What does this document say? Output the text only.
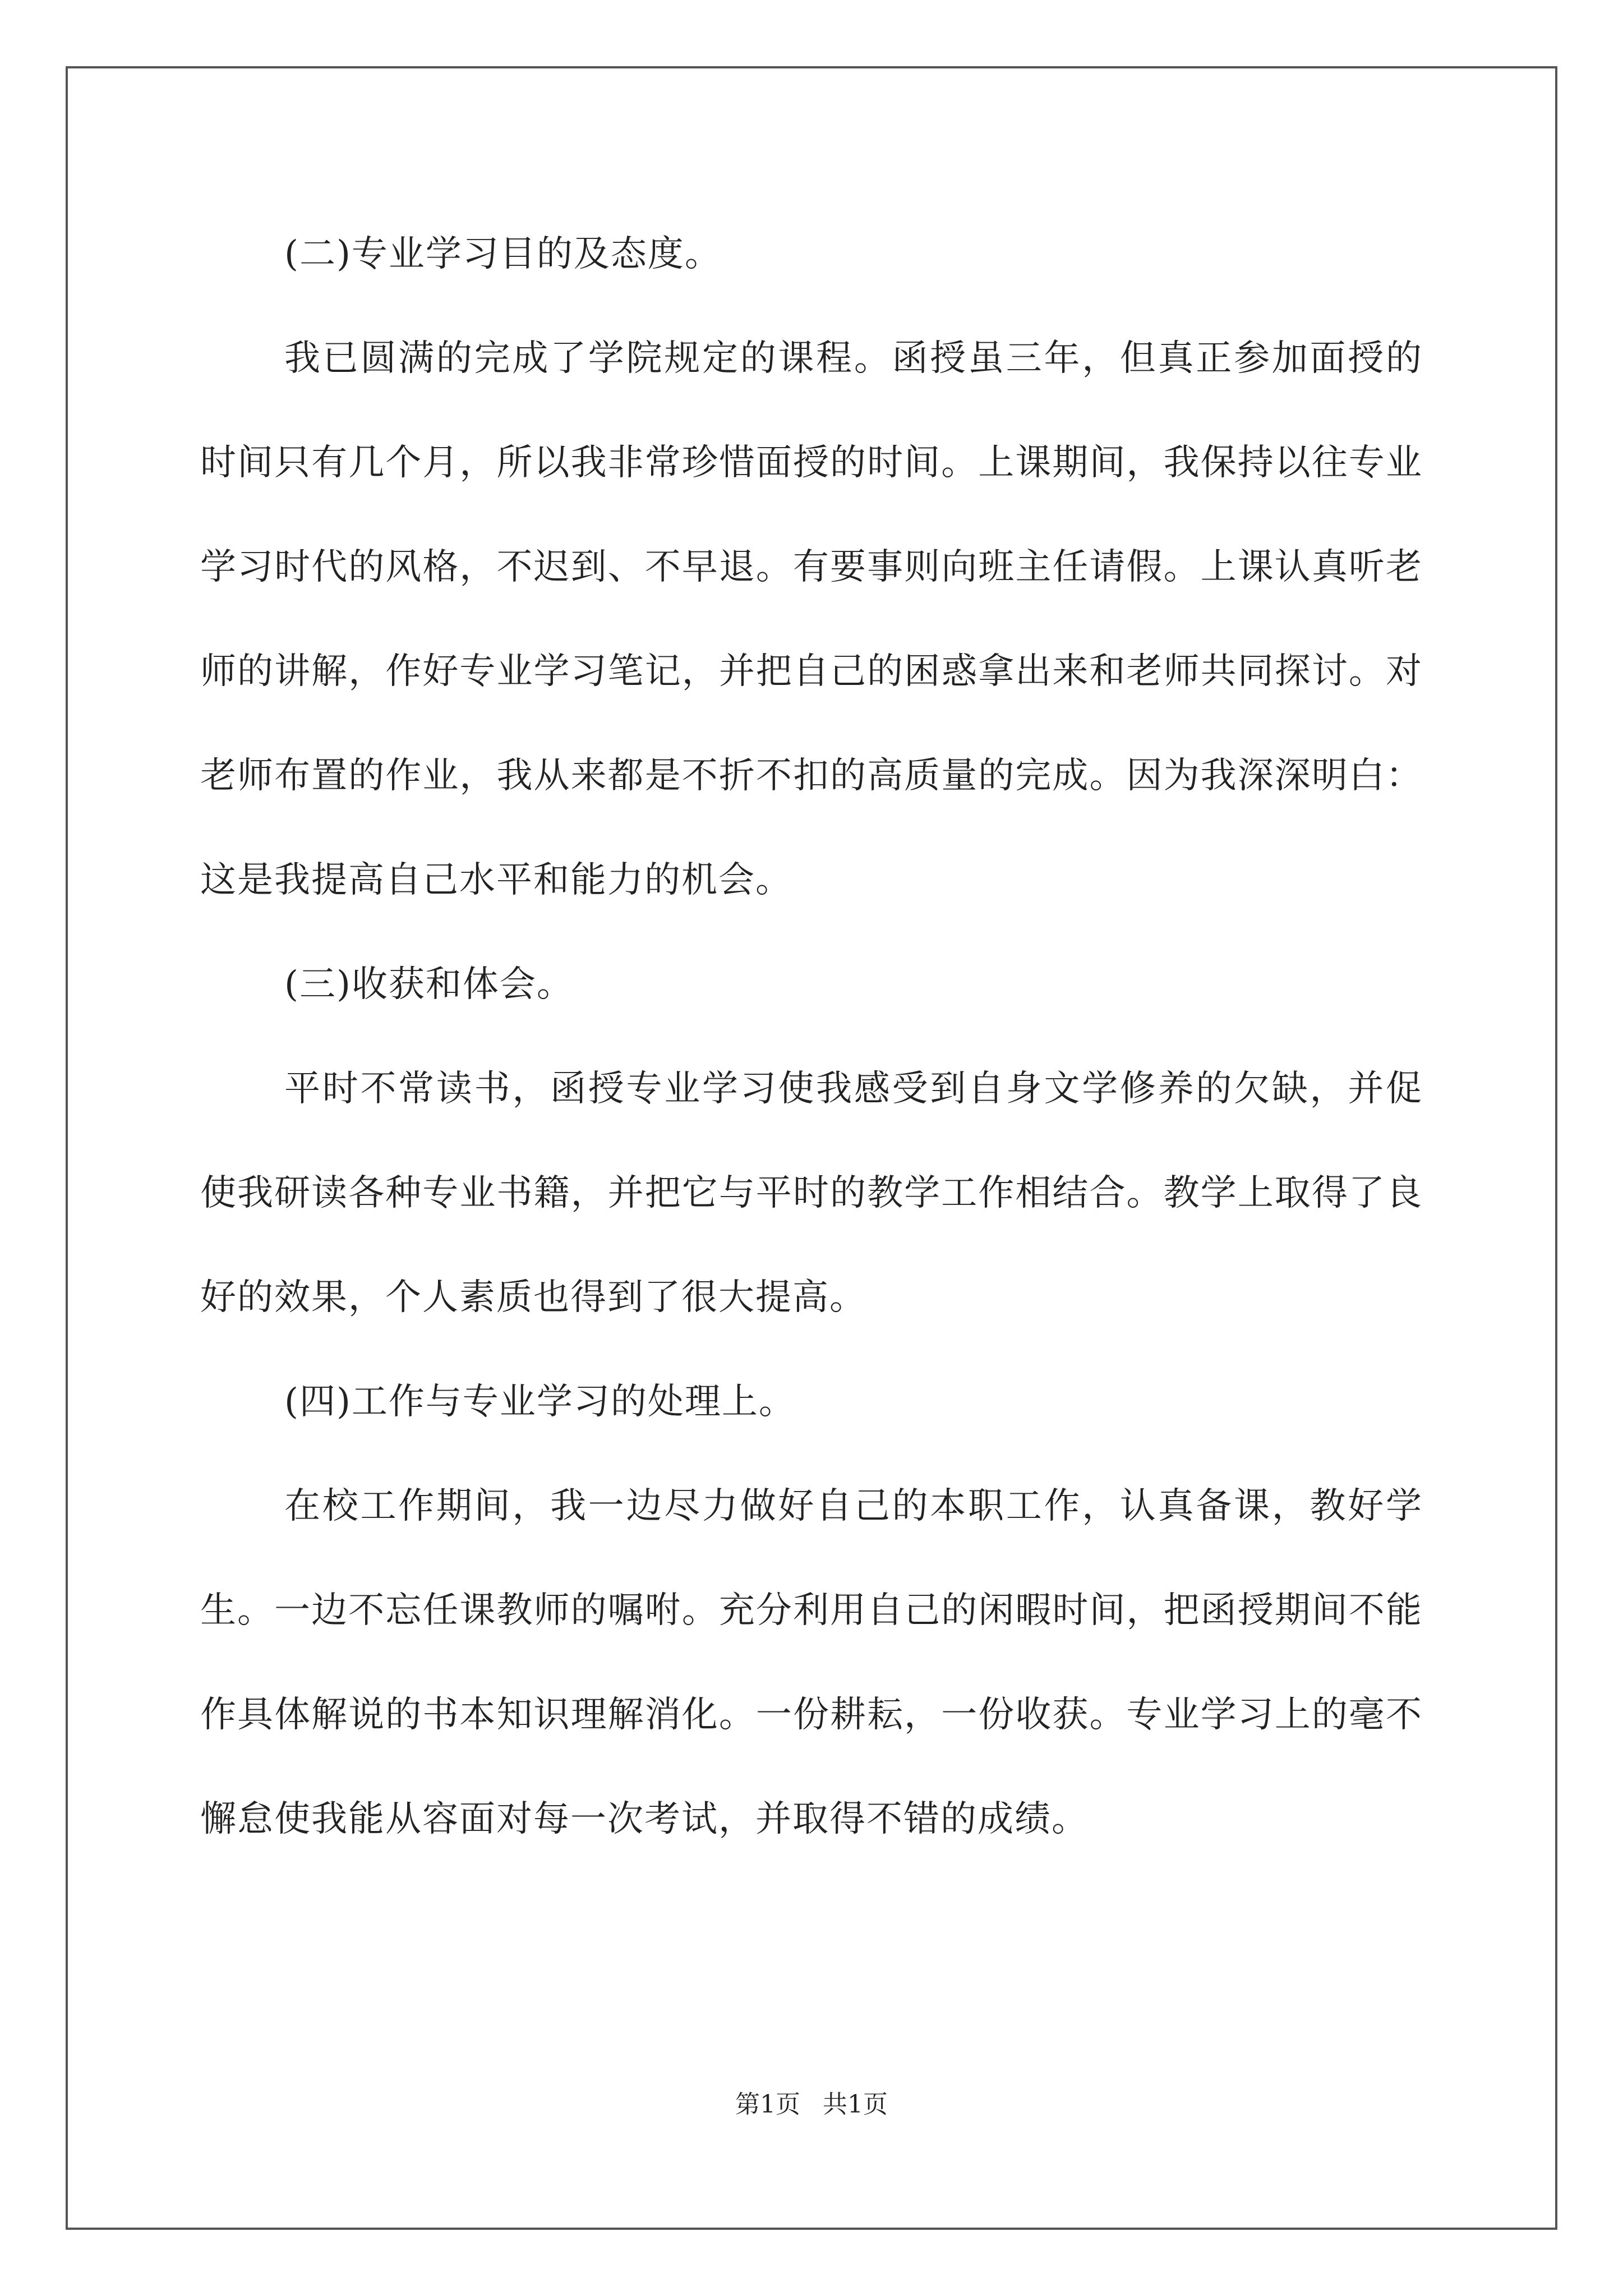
(二)专业学习目的及态度。

我已圆满的完成了学院规定的课程。函授虽三年，但真正参加面授的时间只有几个月，所以我非常珍惜面授的时间。上课期间，我保持以往专业学习时代的风格，不迟到、不早退。有要事则向班主任请假。上课认真听老师的讲解，作好专业学习笔记，并把自己的困惑拿出来和老师共同探讨。对老师布置的作业，我从来都是不折不扣的高质量的完成。因为我深深明白：这是我提高自己水平和能力的机会。

(三)收获和体会。

平时不常读书，函授专业学习使我感受到自身文学修养的欠缺，并促使我研读各种专业书籍，并把它与平时的教学工作相结合。教学上取得了良好的效果，个人素质也得到了很大提高。

(四)工作与专业学习的处理上。

在校工作期间，我一边尽力做好自己的本职工作，认真备课，教好学生。一边不忘任课教师的嘱咐。充分利用自己的闲暇时间，把函授期间不能作具体解说的书本知识理解消化。一份耕耘，一份收获。专业学习上的毫不懈怠使我能从容面对每一次考试，并取得不错的成绩。

第1页 共1页
